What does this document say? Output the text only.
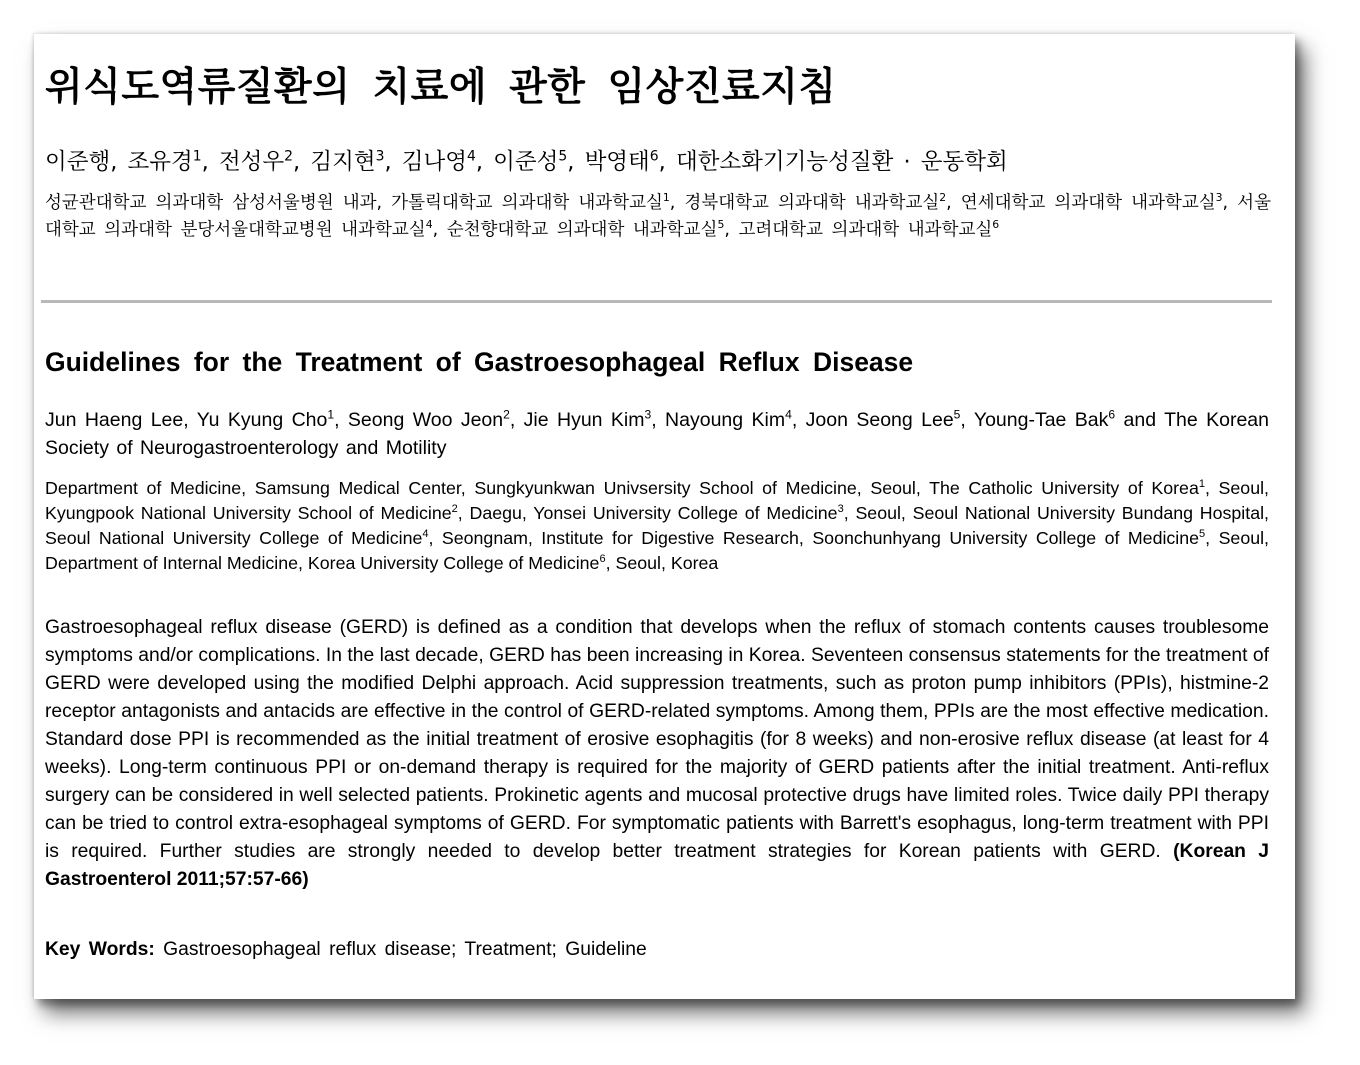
위식도역류질환의 치료에 관한 임상진료지침
이준행, 조유경$^1$, 전성우$^2$, 김지현$^3$, 김나영$^4$, 이준성$^5$, 박영태$^6$, 대한소화기기능성질환 · 운동학회
성균관대학교 의과대학 삼성서울병원 내과, 가톨릭대학교 의과대학 내과학교실$^1$, 경북대학교 의과대학 내과학교실$^2$, 연세대학교 의과대학 내과학교실$^3$, 서울대학교 의과대학 분당서울대학교병원 내과학교실$^4$, 순천향대학교 의과대학 내과학교실$^5$, 고려대학교 의과대학 내과학교실$^6$
Guidelines for the Treatment of Gastroesophageal Reflux Disease
Jun Haeng Lee, Yu Kyung Cho$^1$, Seong Woo Jeon$^2$, Jie Hyun Kim$^3$, Nayoung Kim$^4$, Joon Seong Lee$^5$, Young-Tae Bak$^6$ and The Korean Society of Neurogastroenterology and Motility
Department of Medicine, Samsung Medical Center, Sungkyunkwan Univsersity School of Medicine, Seoul, The Catholic University of Korea$^1$, Seoul, Kyungpook National University School of Medicine$^2$, Daegu, Yonsei University College of Medicine$^3$, Seoul, Seoul National University Bundang Hospital, Seoul National University College of Medicine$^4$, Seongnam, Institute for Digestive Research, Soonchunhyang University College of Medicine$^5$, Seoul, Department of Internal Medicine, Korea University College of Medicine$^6$, Seoul, Korea
Gastroesophageal reflux disease (GERD) is defined as a condition that develops when the reflux of stomach contents causes troublesome symptoms and/or complications. In the last decade, GERD has been increasing in Korea. Seventeen consensus statements for the treatment of GERD were developed using the modified Delphi approach. Acid suppression treatments, such as proton pump inhibitors (PPIs), histmine-2 receptor antagonists and antacids are effective in the control of GERD-related symptoms. Among them, PPIs are the most effective medication. Standard dose PPI is recommended as the initial treatment of erosive esophagitis (for 8 weeks) and non-erosive reflux disease (at least for 4 weeks). Long-term continuous PPI or on-demand therapy is required for the majority of GERD patients after the initial treatment. Anti-reflux surgery can be considered in well selected patients. Prokinetic agents and mucosal protective drugs have limited roles. Twice daily PPI therapy can be tried to control extra-esophageal symptoms of GERD. For symptomatic patients with Barrett's esophagus, long-term treatment with PPI is required. Further studies are strongly needed to develop better treatment strategies for Korean patients with GERD. (Korean J Gastroenterol 2011;57:57-66)
Key Words: Gastroesophageal reflux disease; Treatment; Guideline
